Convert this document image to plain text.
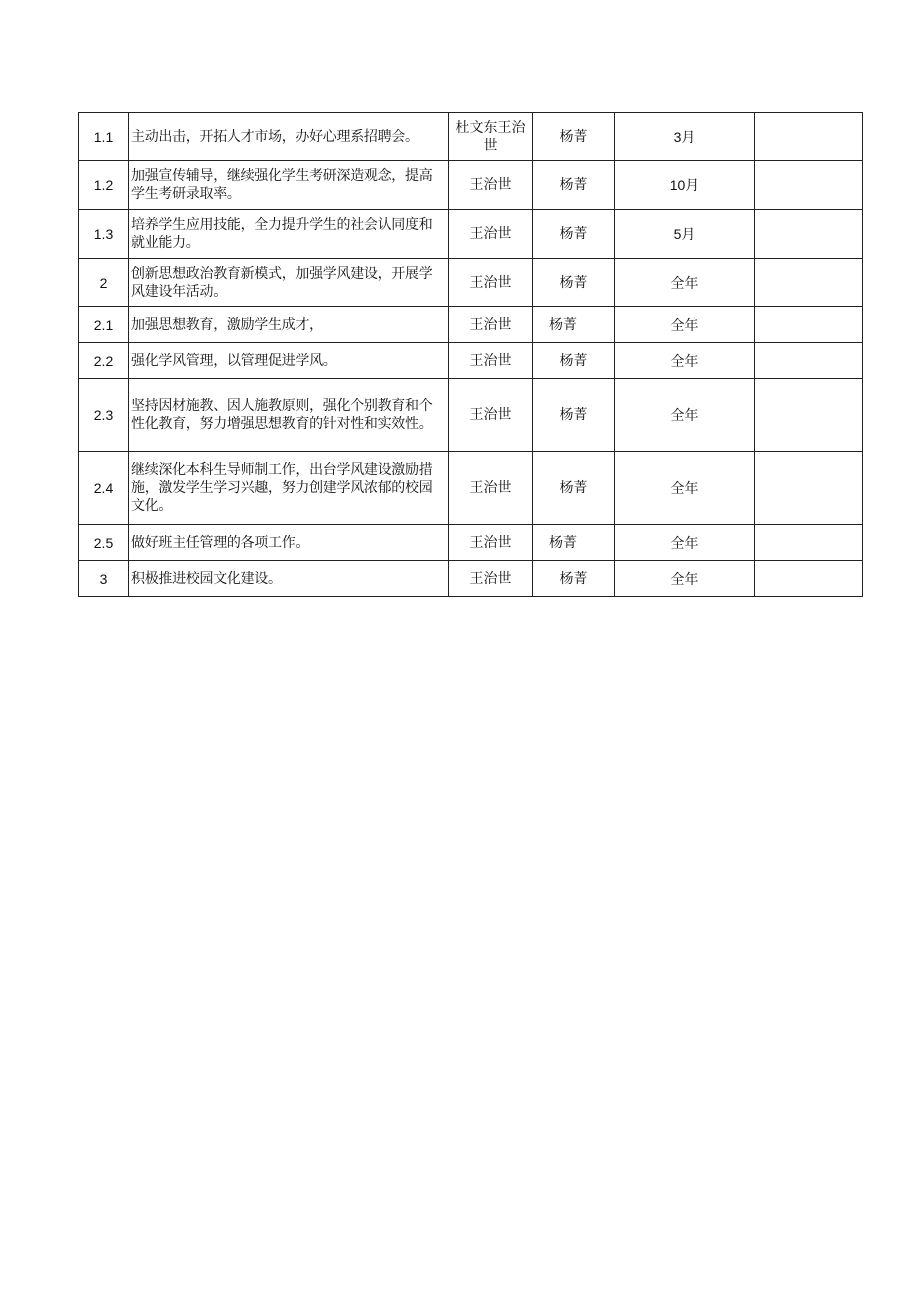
1.1	主动出击，开拓人才市场，办好心理系招聘会。	杜文东王治世	杨菁	3月	
1.2	加强宣传辅导，继续强化学生考研深造观念，提高学生考研录取率。	王治世	杨菁	10月	
1.3	培养学生应用技能，全力提升学生的社会认同度和就业能力。	王治世	杨菁	5月	
2	创新思想政治教育新模式，加强学风建设，开展学风建设年活动。	王治世	杨菁	全年	
2.1	加强思想教育，激励学生成才，	王治世	杨菁	全年	
2.2	强化学风管理，以管理促进学风。	王治世	杨菁	全年	
2.3	坚持因材施教、因人施教原则，强化个别教育和个性化教育，努力增强思想教育的针对性和实效性。	王治世	杨菁	全年	
2.4	继续深化本科生导师制工作，出台学风建设激励措施，激发学生学习兴趣，努力创建学风浓郁的校园文化。	王治世	杨菁	全年	
2.5	做好班主任管理的各项工作。	王治世	杨菁	全年	
3	积极推进校园文化建设。	王治世	杨菁	全年	
